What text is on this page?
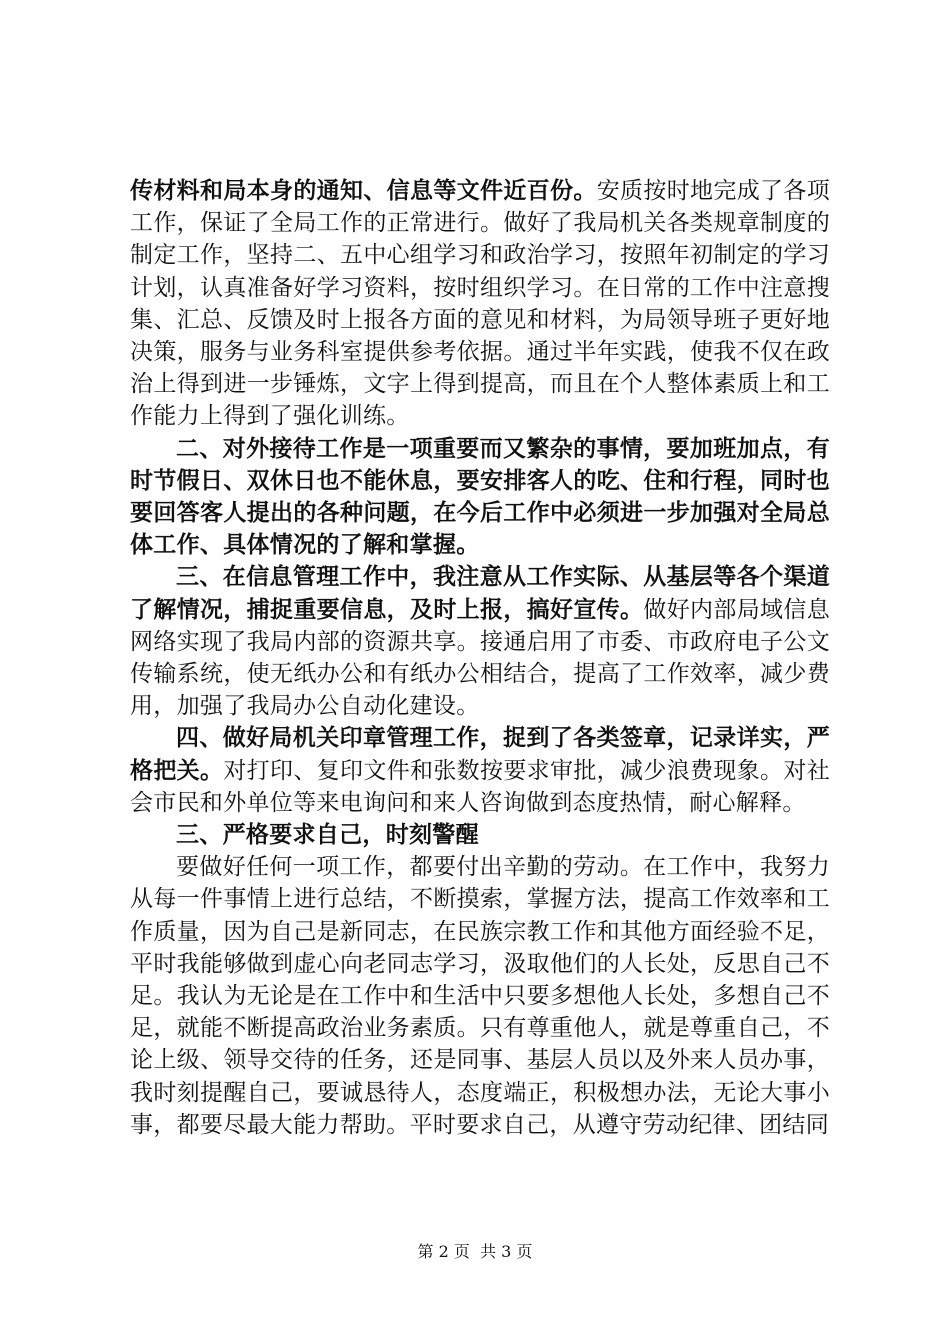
传材料和局本身的通知、信息等文件近百份。安质按时地完成了各项工作，保证了全局工作的正常进行。做好了我局机关各类规章制度的制定工作，坚持二、五中心组学习和政治学习，按照年初制定的学习计划，认真准备好学习资料，按时组织学习。在日常的工作中注意搜集、汇总、反馈及时上报各方面的意见和材料，为局领导班子更好地决策，服务与业务科室提供参考依据。通过半年实践，使我不仅在政治上得到进一步锤炼，文字上得到提高，而且在个人整体素质上和工作能力上得到了强化训练。

二、对外接待工作是一项重要而又繁杂的事情，要加班加点，有时节假日、双休日也不能休息，要安排客人的吃、住和行程，同时也要回答客人提出的各种问题，在今后工作中必须进一步加强对全局总体工作、具体情况的了解和掌握。

三、在信息管理工作中，我注意从工作实际、从基层等各个渠道了解情况，捕捉重要信息，及时上报，搞好宣传。做好内部局域信息网络实现了我局内部的资源共享。接通启用了市委、市政府电子公文传输系统，使无纸办公和有纸办公相结合，提高了工作效率，减少费用，加强了我局办公自动化建设。

四、做好局机关印章管理工作，捉到了各类签章，记录详实，严格把关。对打印、复印文件和张数按要求审批，减少浪费现象。对社会市民和外单位等来电询问和来人咨询做到态度热情，耐心解释。

三、严格要求自己，时刻警醒

要做好任何一项工作，都要付出辛勤的劳动。在工作中，我努力从每一件事情上进行总结，不断摸索，掌握方法，提高工作效率和工作质量，因为自己是新同志，在民族宗教工作和其他方面经验不足，平时我能够做到虚心向老同志学习，汲取他们的人长处，反思自己不足。我认为无论是在工作中和生活中只要多想他人长处，多想自己不足，就能不断提高政治业务素质。只有尊重他人，就是尊重自己，不论上级、领导交待的任务，还是同事、基层人员以及外来人员办事，我时刻提醒自己，要诚恳待人，态度端正，积极想办法，无论大事小事，都要尽最大能力帮助。平时要求自己，从遵守劳动纪律、团结同

第 2 页  共 3 页
